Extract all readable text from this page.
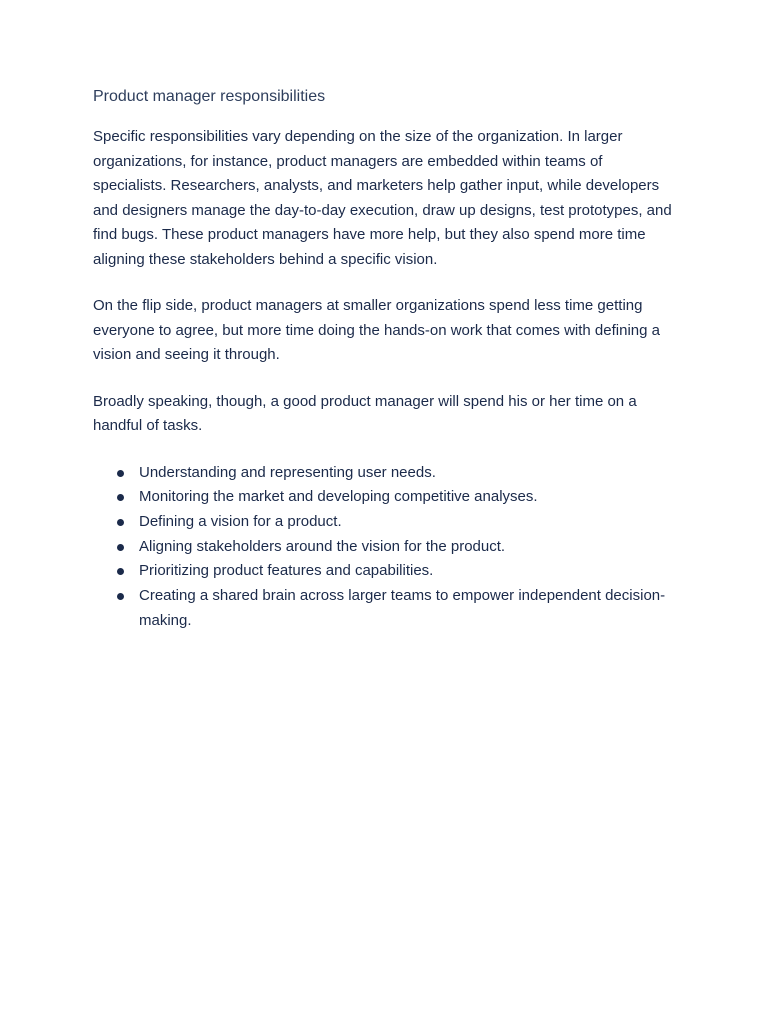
Product manager responsibilities

Specific responsibilities vary depending on the size of the organization. In larger organizations, for instance, product managers are embedded within teams of specialists. Researchers, analysts, and marketers help gather input, while developers and designers manage the day-to-day execution, draw up designs, test prototypes, and find bugs. These product managers have more help, but they also spend more time aligning these stakeholders behind a specific vision.

On the flip side, product managers at smaller organizations spend less time getting everyone to agree, but more time doing the hands-on work that comes with defining a vision and seeing it through.

Broadly speaking, though, a good product manager will spend his or her time on a handful of tasks.

Understanding and representing user needs.
Monitoring the market and developing competitive analyses.
Defining a vision for a product.
Aligning stakeholders around the vision for the product.
Prioritizing product features and capabilities.
Creating a shared brain across larger teams to empower independent decision-making.
